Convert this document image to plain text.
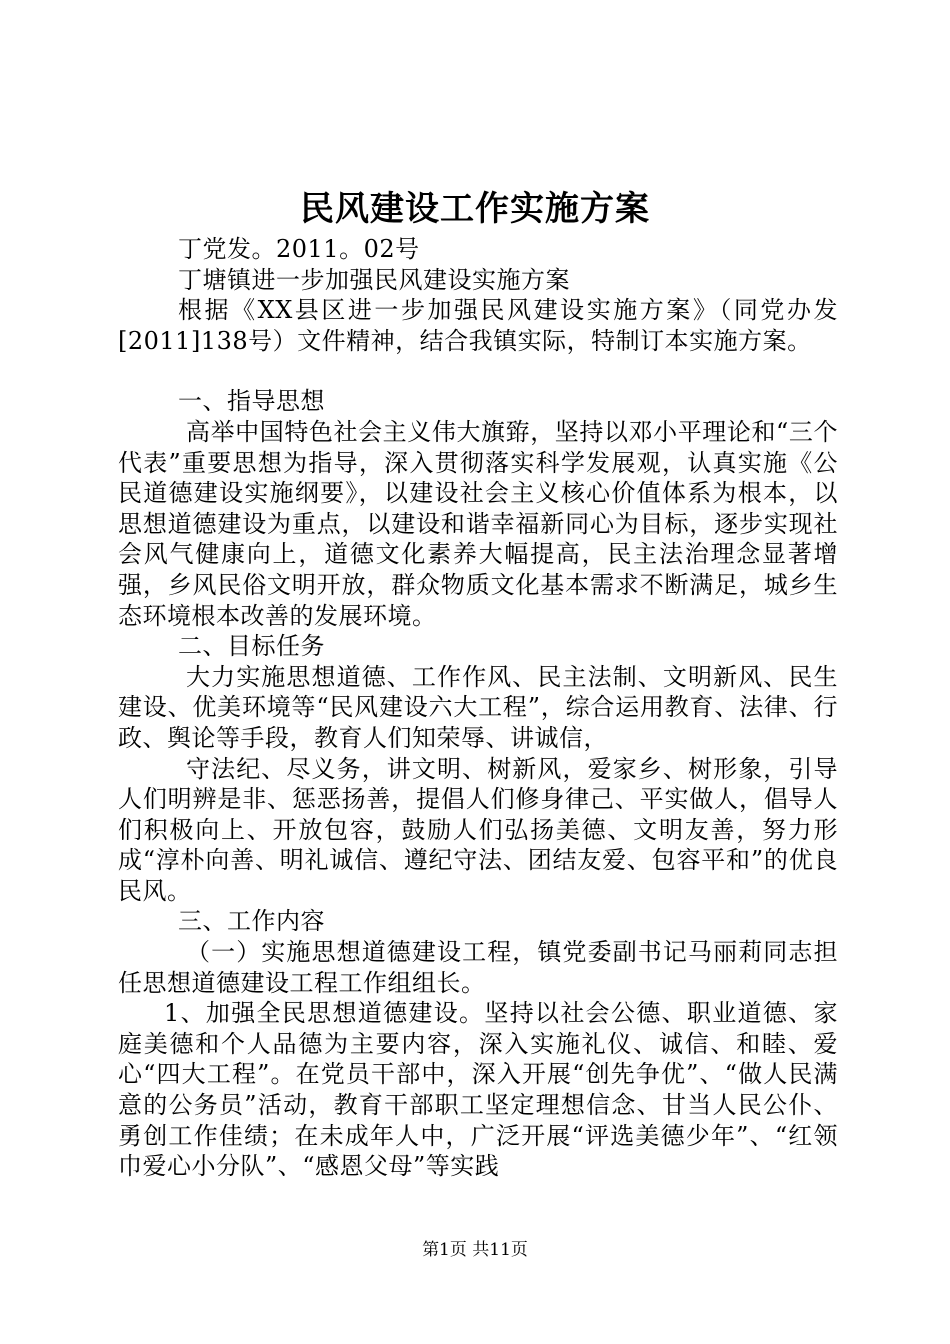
民风建设工作实施方案

丁党发。2011。02号

丁塘镇进一步加强民风建设实施方案

根据《XX县区进一步加强民风建设实施方案》（同党办发[2011]138号）文件精神，结合我镇实际，特制订本实施方案。

一、指导思想

高举中国特色社会主义伟大旗臶，坚持以邓小平理论和“三个代表”重要思想为指导，深入贯彻落实科学发展观，认真实施《公民道德建设实施纲要》，以建设社会主义核心价值体系为根本，以思想道德建设为重点，以建设和谐幸福新同心为目标，逐步实现社会风气健康向上，道德文化素养大幅提高，民主法治理念显著增强，乡风民俗文明开放，群众物质文化基本需求不断满足，城乡生态环境根本改善的发展环境。

二、目标任务

大力实施思想道德、工作作风、民主法制、文明新风、民生建设、优美环境等“民风建设六大工程”，综合运用教育、法律、行政、舆论等手段，教育人们知荣辱、讲诚信，

守法纪、尽义务，讲文明、树新风，爱家乡、树形象，引导人们明辨是非、惩恶扬善，提倡人们修身律己、平实做人，倡导人们积极向上、开放包容，鼓励人们弘扬美德、文明友善，努力形成“淳朴向善、明礼诚信、遵纪守法、团结友爱、包容平和”的优良民风。

三、工作内容

（一）实施思想道德建设工程，镇党委副书记马丽莉同志担任思想道德建设工程工作组组长。

1、加强全民思想道德建设。坚持以社会公德、职业道德、家庭美德和个人品德为主要内容，深入实施礼仪、诚信、和睦、爱心“四大工程”。在党员干部中，深入开展“创先争优”、“做人民满意的公务员”活动，教育干部职工坚定理想信念、甘当人民公仆、勇创工作佳绩；在未成年人中，广泛开展“评选美德少年”、“红领巾爱心小分队”、“感恩父母”等实践

第1页 共11页
